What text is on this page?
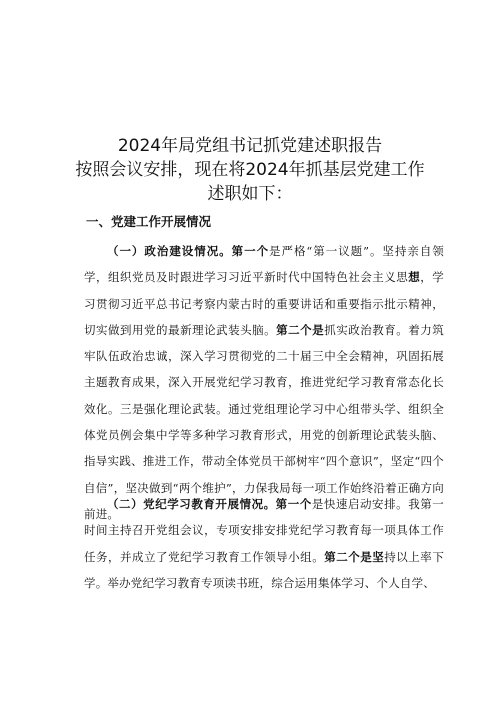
2024年局党组书记抓党建述职报告
按照会议安排，现在将2024年抓基层党建工作
述职如下：
一、党建工作开展情况
（一）政治建设情况。第一个是严格“第一议题”。坚持亲自领学，组织党员及时跟进学习习近平新时代中国特色社会主义思想，学习贯彻习近平总书记考察内蒙古时的重要讲话和重要指示批示精神，切实做到用党的最新理论武装头脑。第二个是抓实政治教育。着力筑牢队伍政治忠诚，深入学习贯彻党的二十届三中全会精神，巩固拓展主题教育成果，深入开展党纪学习教育，推进党纪学习教育常态化长效化。三是强化理论武装。通过党组理论学习中心组带头学、组织全体党员例会集中学等多种学习教育形式，用党的创新理论武装头脑、指导实践、推进工作，带动全体党员干部树牢“四个意识”，坚定“四个自信”，坚决做到“两个维护”，力保我局每一项工作始终沿着正确方向前进。
（二）党纪学习教育开展情况。第一个是快速启动安排。我第一时间主持召开党组会议，专项安排安排党纪学习教育每一项具体工作任务，并成立了党纪学习教育工作领导小组。第二个是坚持以上率下学。举办党纪学习教育专项读书班，综合运用集体学习、个人自学、
